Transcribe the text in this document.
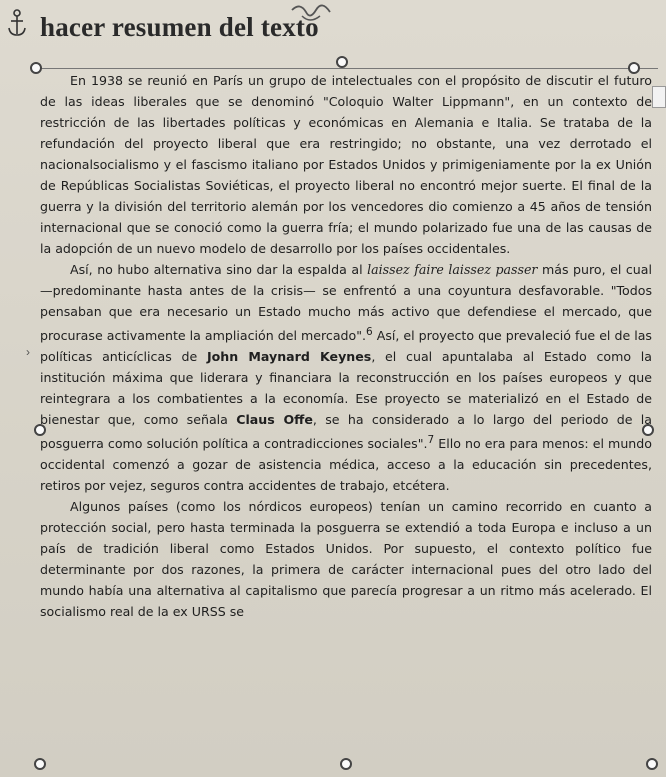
hacer resumen del texto
›

En 1938 se reunió en París un grupo de intelectuales con el propósito de discutir el futuro de las ideas liberales que se denominó "Coloquio Walter Lippmann", en un contexto de restricción de las libertades políticas y económicas en Alemania e Italia. Se trataba de la refundación del proyecto liberal que era restringido; no obstante, una vez derrotado el nacionalsocialismo y el fascismo italiano por Estados Unidos y primigeniamente por la ex Unión de Repúblicas Socialistas Soviéticas, el proyecto liberal no encontró mejor suerte. El final de la guerra y la división del territorio alemán por los vencedores dio comienzo a 45 años de tensión internacional que se conoció como la guerra fría; el mundo polarizado fue una de las causas de la adopción de un nuevo modelo de desarrollo por los países occidentales.

Así, no hubo alternativa sino dar la espalda al laissez faire laissez passer más puro, el cual —predominante hasta antes de la crisis— se enfrentó a una coyuntura desfavorable. "Todos pensaban que era necesario un Estado mucho más activo que defendiese el mercado, que procurase activamente la ampliación del mercado".$^6$ Así, el proyecto que prevaleció fue el de las políticas anticíclicas de John Maynard Keynes, el cual apuntalaba al Estado como la institución máxima que liderara y financiara la reconstrucción en los países europeos y que reintegrara a los combatientes a la economía. Ese proyecto se materializó en el Estado de bienestar que, como señala Claus Offe, se ha considerado a lo largo del periodo de la posguerra como solución política a contradicciones sociales".$^7$ Ello no era para menos: el mundo occidental comenzó a gozar de asistencia médica, acceso a la educación sin precedentes, retiros por vejez, seguros contra accidentes de trabajo, etcétera.

Algunos países (como los nórdicos europeos) tenían un camino recorrido en cuanto a protección social, pero hasta terminada la posguerra se extendió a toda Europa e incluso a un país de tradición liberal como Estados Unidos. Por supuesto, el contexto político fue determinante por dos razones, la primera de carácter internacional pues del otro lado del mundo había una alternativa al capitalismo que parecía progresar a un ritmo más acelerado. El socialismo real de la ex URSS se
